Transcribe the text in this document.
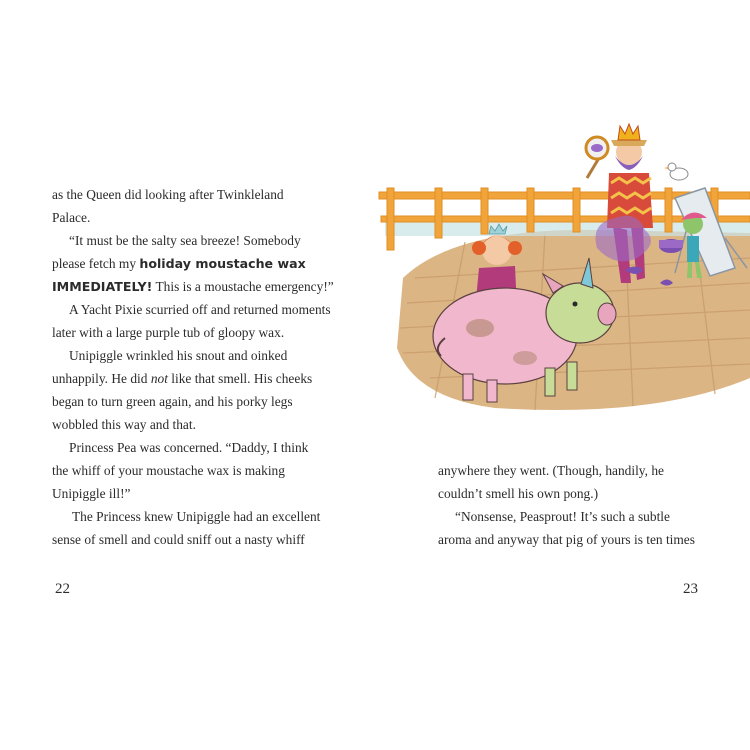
as the Queen did looking after Twinkleland
Palace.
“It must be the salty sea breeze! Somebody
please fetch my holiday moustache wax
IMMEDIATELY! This is a moustache emergency!”
A Yacht Pixie scurried off and returned moments
later with a large purple tub of gloopy wax.
Unipiggle wrinkled his snout and oinked
unhappily. He did not like that smell. His cheeks
began to turn green again, and his porky legs
wobbled this way and that.
Princess Pea was concerned. “Daddy, I think
the whiff of your moustache wax is making
Unipiggle ill!”
The Princess knew Unipiggle had an excellent
sense of smell and could sniff out a nasty whiff
22
anywhere they went. (Though, handily, he
couldn’t smell his own pong.)
“Nonsense, Peasprout! It’s such a subtle
aroma and anyway that pig of yours is ten times
23
